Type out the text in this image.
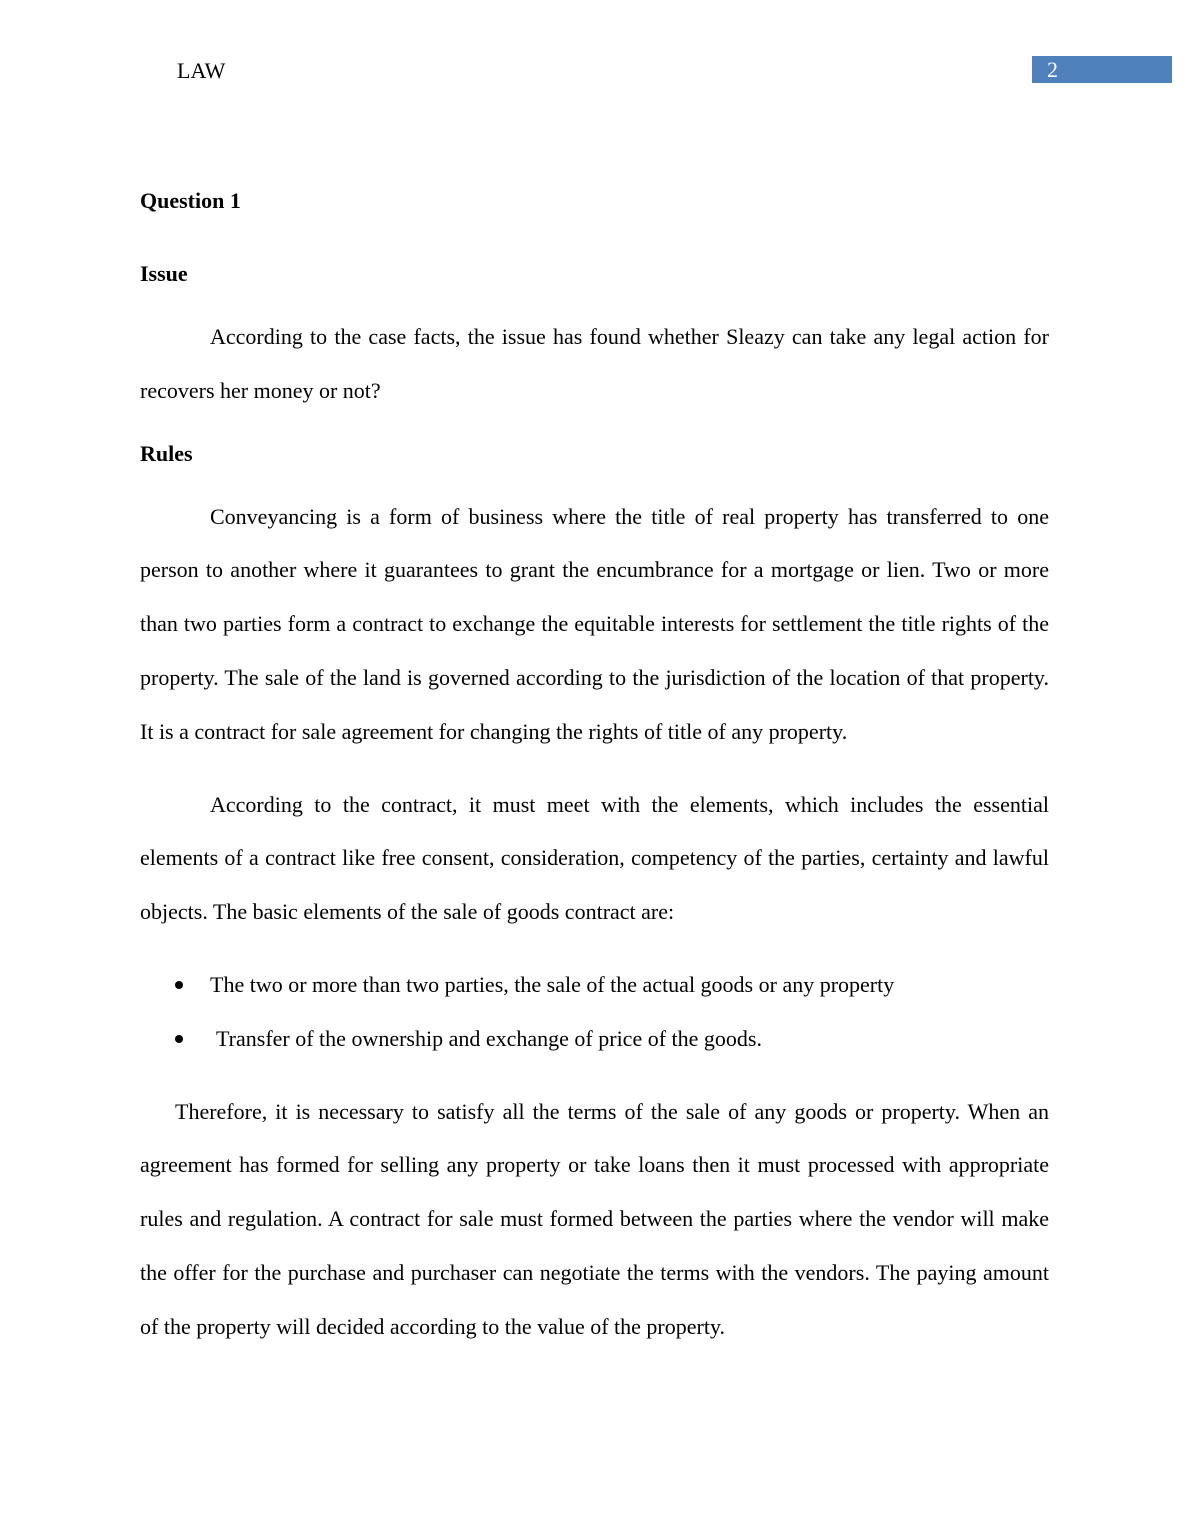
LAW	2
Question 1
Issue

According to the case facts, the issue has found whether Sleazy can take any legal action for recovers her money or not?

Rules

Conveyancing is a form of business where the title of real property has transferred to one person to another where it guarantees to grant the encumbrance for a mortgage or lien. Two or more than two parties form a contract to exchange the equitable interests for settlement the title rights of the property. The sale of the land is governed according to the jurisdiction of the location of that property. It is a contract for sale agreement for changing the rights of title of any property.

According to the contract, it must meet with the elements, which includes the essential elements of a contract like free consent, consideration, competency of the parties, certainty and lawful objects. The basic elements of the sale of goods contract are:

The two or more than two parties, the sale of the actual goods or any property
Transfer of the ownership and exchange of price of the goods.

Therefore, it is necessary to satisfy all the terms of the sale of any goods or property. When an agreement has formed for selling any property or take loans then it must processed with appropriate rules and regulation. A contract for sale must formed between the parties where the vendor will make the offer for the purchase and purchaser can negotiate the terms with the vendors. The paying amount of the property will decided according to the value of the property.
